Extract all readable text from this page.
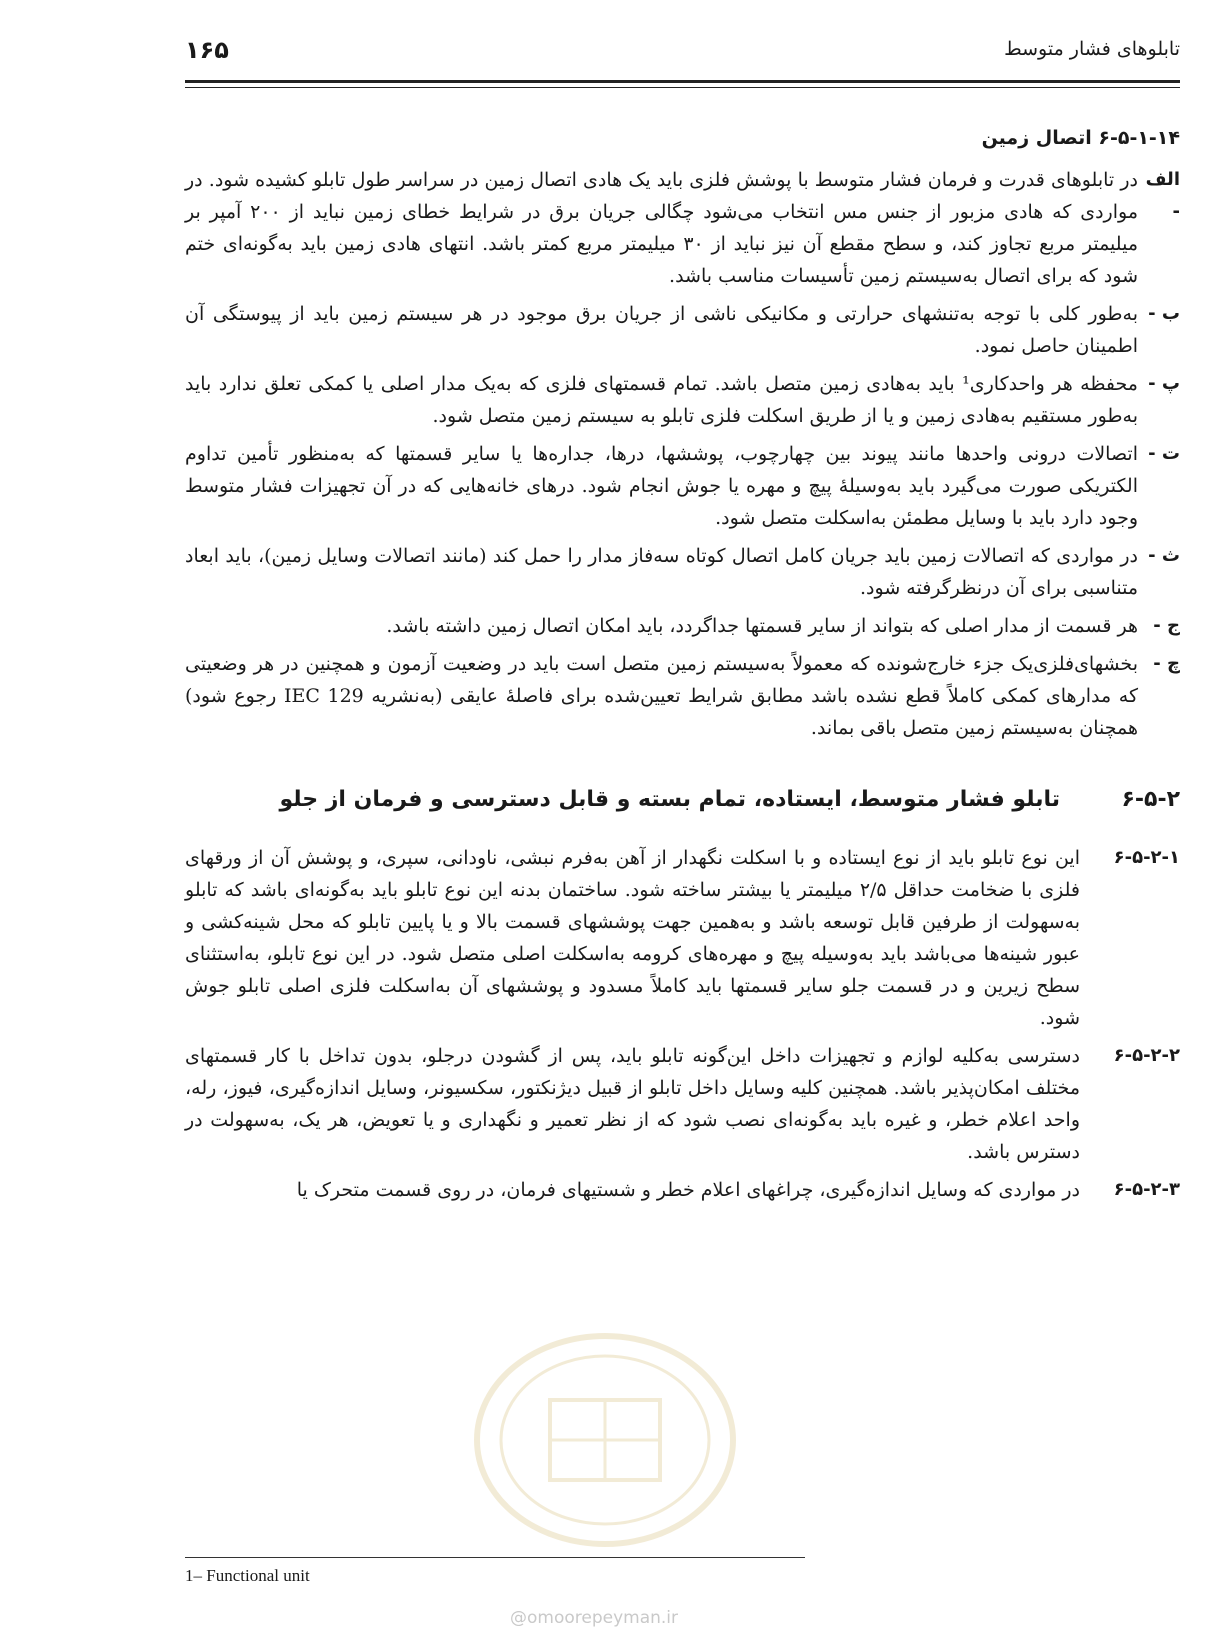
تابلوهای فشار متوسط
۱۶۵
۶-۵-۱-۱۴ اتصال زمین
الف -
در تابلوهای قدرت و فرمان فشار متوسط با پوشش فلزی باید یک هادی اتصال زمین در سراسر طول تابلو کشیده شود. در مواردی که هادی مزبور از جنس مس انتخاب می‌شود چگالی جریان برق در شرایط خطای زمین نباید از ۲۰۰ آمپر بر میلیمتر مربع تجاوز کند، و سطح مقطع آن نیز نباید از ۳۰ میلیمتر مربع کمتر باشد. انتهای هادی زمین باید به‌گونه‌ای ختم شود که برای اتصال به‌سیستم زمین تأسیسات مناسب باشد.
ب -
به‌طور کلی با توجه به‌تنشهای حرارتی و مکانیکی ناشی از جریان برق موجود در هر سیستم زمین باید از پیوستگی آن اطمینان حاصل نمود.
پ -
محفظه هر واحدکاری¹ باید به‌هادی زمین متصل باشد. تمام قسمتهای فلزی که به‌یک مدار اصلی یا کمکی تعلق ندارد باید به‌طور مستقیم به‌هادی زمین و یا از طریق اسکلت فلزی تابلو به سیستم زمین متصل شود.
ت -
اتصالات درونی واحدها مانند پیوند بین چهارچوب، پوششها، درها، جداره‌ها یا سایر قسمتها که به‌منظور تأمین تداوم الکتریکی صورت می‌گیرد باید به‌وسیلهٔ پیچ و مهره یا جوش انجام شود. درهای خانه‌هایی که در آن تجهیزات فشار متوسط وجود دارد باید با وسایل مطمئن به‌اسکلت متصل شود.
ث -
در مواردی که اتصالات زمین باید جریان کامل اتصال کوتاه سه‌فاز مدار را حمل کند (مانند اتصالات وسایل زمین)، باید ابعاد متناسبی برای آن درنظرگرفته شود.
ج -
هر قسمت از مدار اصلی که بتواند از سایر قسمتها جداگردد، باید امکان اتصال زمین داشته باشد.
چ -
بخشهای‌فلزی‌یک جزء خارج‌شونده که معمولاً به‌سیستم زمین متصل است باید در وضعیت آزمون و همچنین در هر وضعیتی که مدارهای کمکی کاملاً قطع نشده باشد مطابق شرایط تعیین‌شده برای فاصلهٔ عایقی (به‌نشریه IEC 129 رجوع شود) همچنان به‌سیستم زمین متصل باقی بماند.
۶-۵-۲
تابلو فشار متوسط، ایستاده، تمام بسته و قابل دسترسی و فرمان از جلو
۶-۵-۲-۱
این نوع تابلو باید از نوع ایستاده و با اسکلت نگهدار از آهن به‌فرم نبشی، ناودانی، سپری، و پوشش آن از ورقهای فلزی با ضخامت حداقل ۲/۵ میلیمتر یا بیشتر ساخته شود. ساختمان بدنه این نوع تابلو باید به‌گونه‌ای باشد که تابلو به‌سهولت از طرفین قابل توسعه باشد و به‌همین جهت پوششهای قسمت بالا و یا پایین تابلو که محل شینه‌کشی و عبور شینه‌ها می‌باشد باید به‌وسیله پیچ و مهره‌های کرومه به‌اسکلت اصلی متصل شود. در این نوع تابلو، به‌استثنای سطح زیرین و در قسمت جلو سایر قسمتها باید کاملاً مسدود و پوششهای آن به‌اسکلت فلزی اصلی تابلو جوش شود.
۶-۵-۲-۲
دسترسی به‌کلیه لوازم و تجهیزات داخل این‌گونه تابلو باید، پس از گشودن درجلو، بدون تداخل با کار قسمتهای مختلف امکان‌پذیر باشد. همچنین کلیه وسایل داخل تابلو از قبیل دیژنکتور، سکسیونر، وسایل اندازه‌گیری، فیوز، رله، واحد اعلام خطر، و غیره باید به‌گونه‌ای نصب شود که از نظر تعمیر و نگهداری و یا تعویض، هر یک، به‌سهولت در دسترس باشد.
۶-۵-۲-۳
در مواردی که وسایل اندازه‌گیری، چراغهای اعلام خطر و شستیهای فرمان، در روی قسمت متحرک یا
1– Functional unit
@omoorepeyman.ir
